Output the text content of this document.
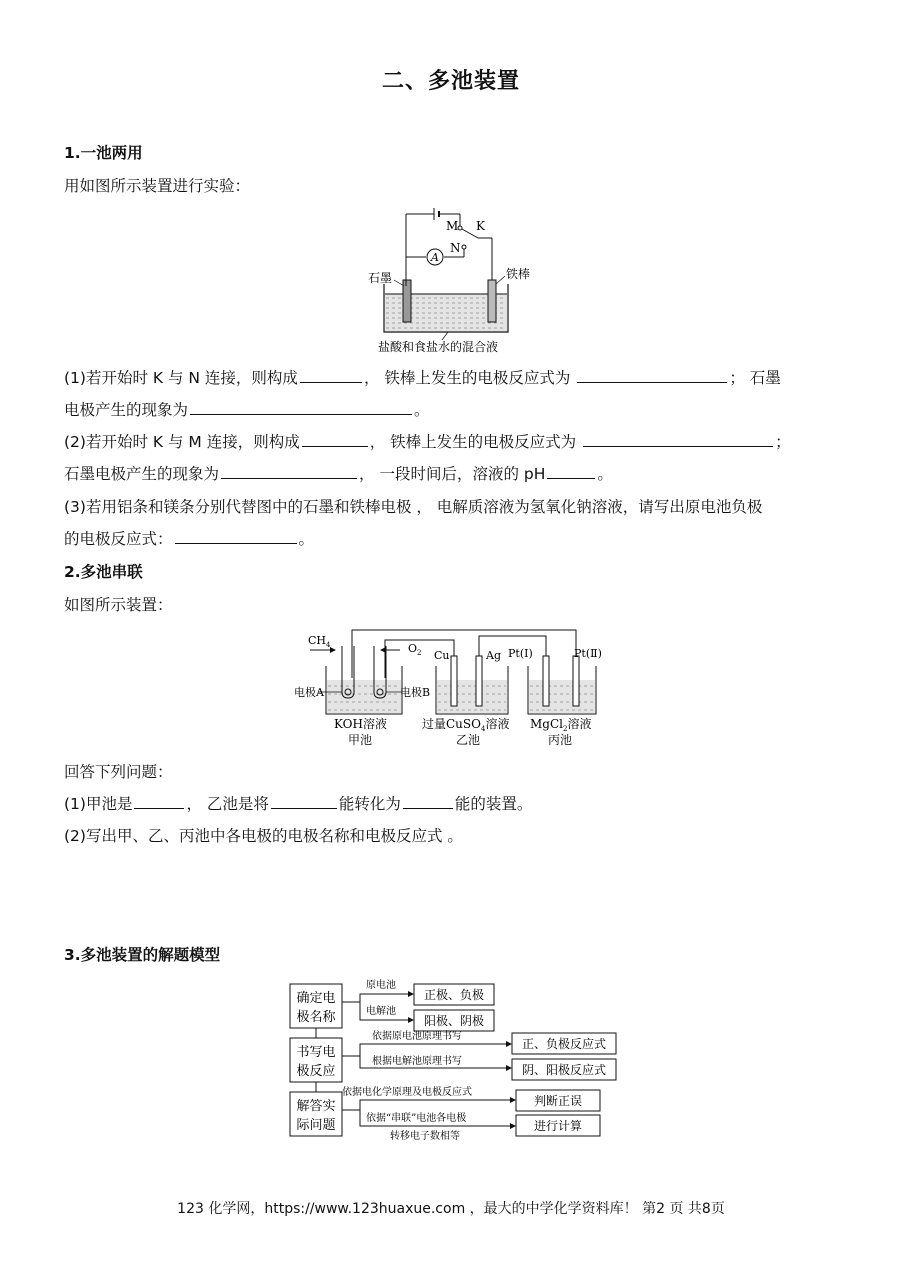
二、多池装置
1.一池两用
用如图所示装置进行实验：
A
M K
N
石墨	铁棒
盐酸和食盐水的混合液
(1)若开始时 K 与 N 连接，则构成	， 铁棒上发生的电极反应式为	； 石墨
电极产生的现象为	。
(2)若开始时 K 与 M 连接，则构成	， 铁棒上发生的电极反应式为	；
石墨电极产生的现象为	， 一段时间后，溶液的 pH	。
(3)若用铝条和镁条分别代替图中的石墨和铁棒电极 ， 电解质溶液为氢氧化钠溶液，请写出原电池负极
的电极反应式：	。
2.多池串联
如图所示装置：
$CH_4$	$O_2$
电极A	电极B
Cu	Ag Pt(Ⅰ)	Pt(Ⅱ)
KOH溶液
甲池
过量CuSO$_4$溶液
乙池
MgCl$_2$溶液
丙池
回答下列问题：
(1)甲池是	， 乙池是将	能转化为	能的装置。
(2)写出甲、乙、丙池中各电极的电极名称和电极反应式 。
3.多池装置的解题模型
确定电
极名称
书写电
极反应
解答实
际问题
原电池
电解池
正极、负极
阳极、阴极
依据原电池原理书写
根据电解池原理书写
正、负极反应式
阴、阳极反应式
依据电化学原理及电极反应式
依据“串联”电池各电极
转移电子数相等
判断正误
进行计算
123 化学网，https://www.123huaxue.com ，最大的中学化学资料库！ 第2 页 共8页
